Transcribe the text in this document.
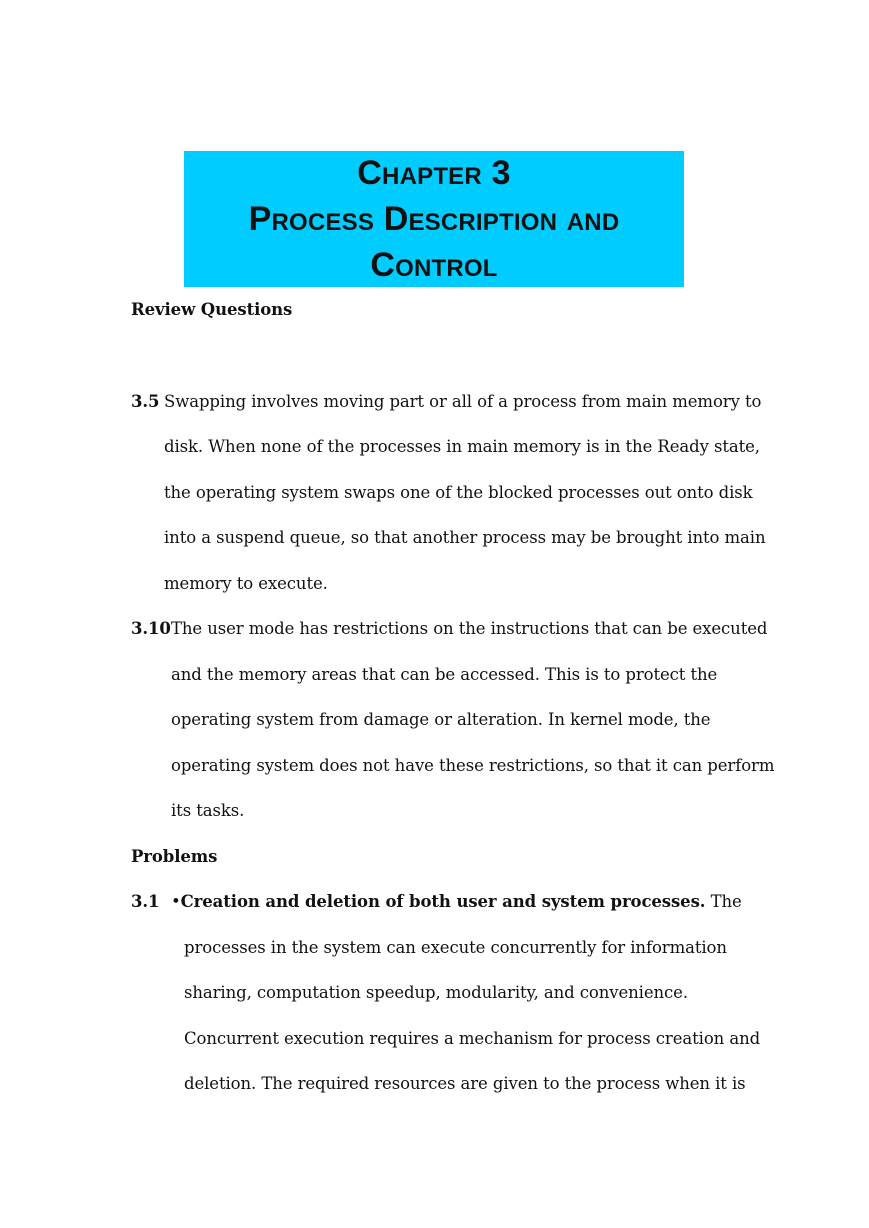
Chapter 3
Process Description and
Control
Review Questions
3.5 Swapping involves moving part or all of a process from main memory to
disk. When none of the processes in main memory is in the Ready state,
the operating system swaps one of the blocked processes out onto disk
into a suspend queue, so that another process may be brought into main
memory to execute.
3.10 The user mode has restrictions on the instructions that can be executed
and the memory areas that can be accessed. This is to protect the
operating system from damage or alteration. In kernel mode, the
operating system does not have these restrictions, so that it can perform
its tasks.
Problems
3.1 •Creation and deletion of both user and system processes. The
processes in the system can execute concurrently for information
sharing, computation speedup, modularity, and convenience.
Concurrent execution requires a mechanism for process creation and
deletion. The required resources are given to the process when it is
